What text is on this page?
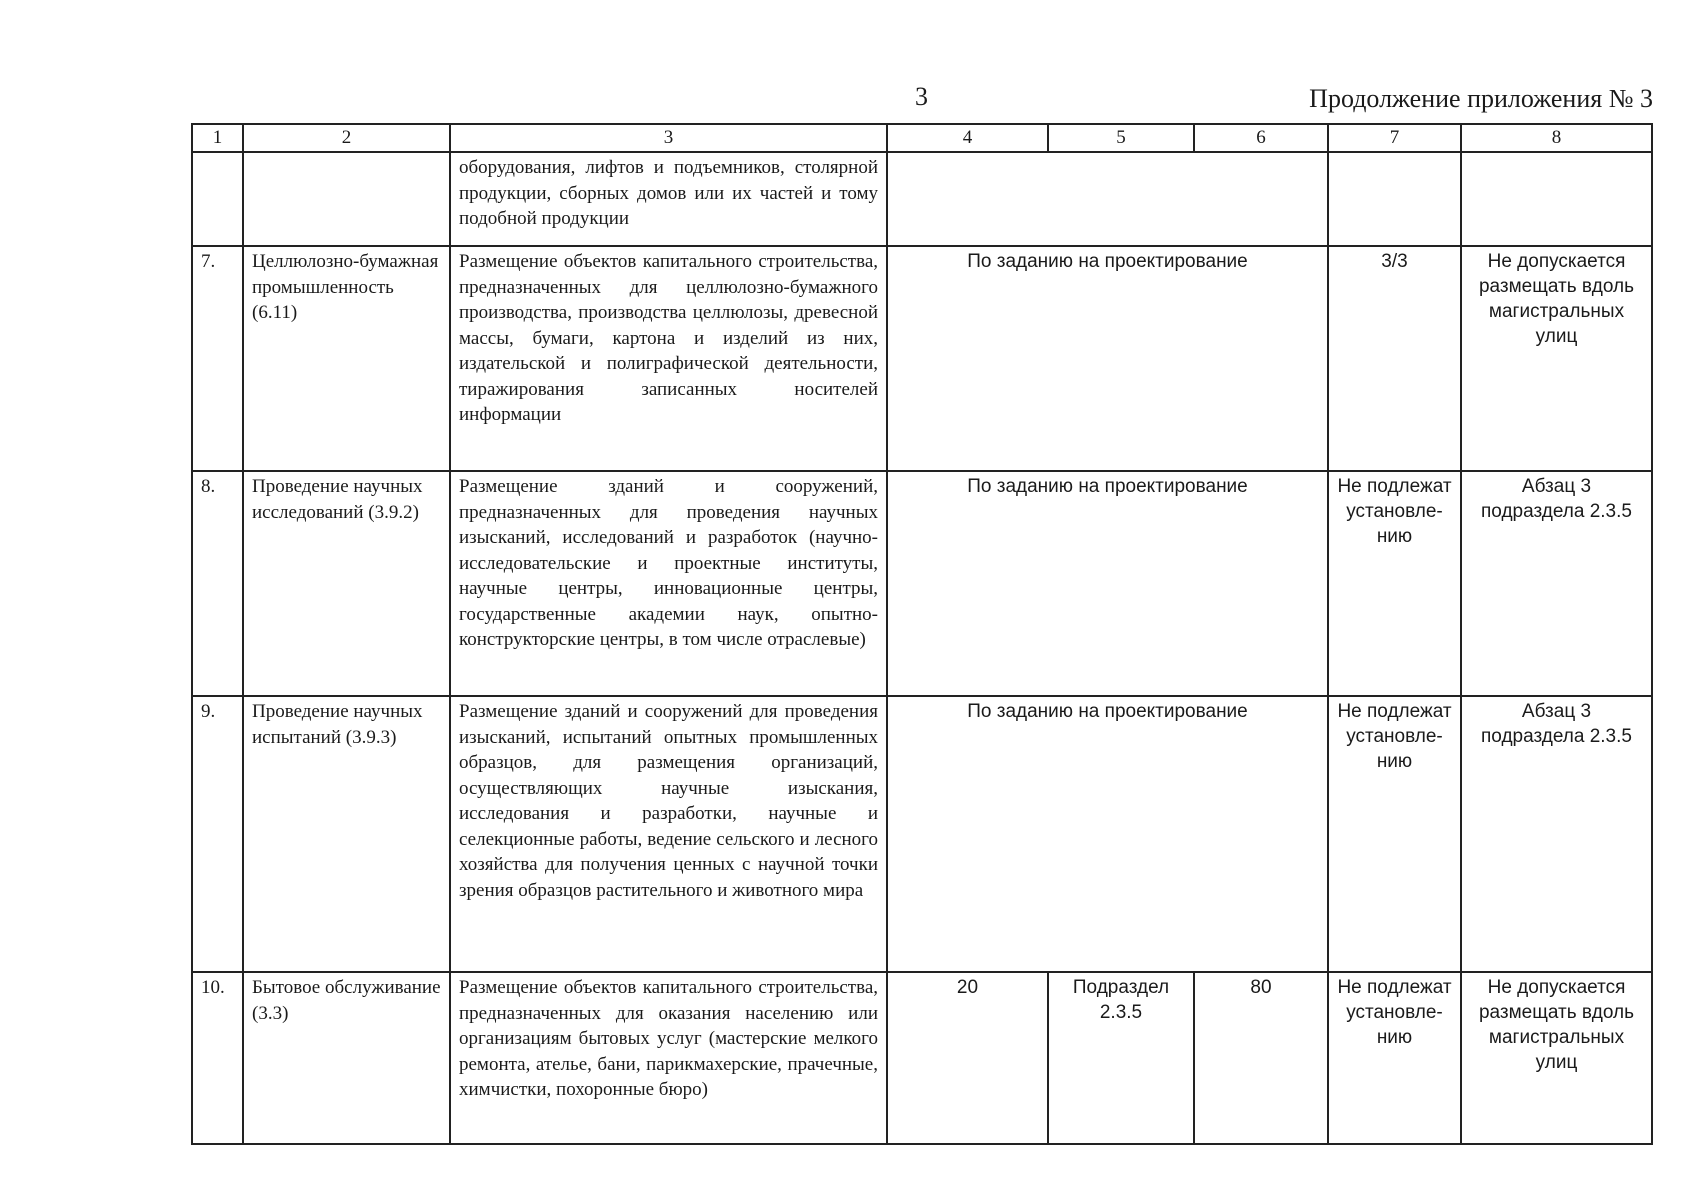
3	Продолжение приложения № 3
1	2	3	4	5	6	7	8
		оборудования, лифтов и подъемников, столярной продукции, сборных домов или их частей и тому подобной продукции					
7.	Целлюлозно-бумажная промышленность (6.11)	Размещение объектов капитального строительства, предназначенных для целлюлозно-бумажного производства, производства целлюлозы, древесной массы, бумаги, картона и изделий из них, издательской и полиграфической деятельности, тиражирования записанных носителей информации	По заданию на проектирование			3/3	Не допускается размещать вдоль магистральных улиц
8.	Проведение научных исследований (3.9.2)	Размещение зданий и сооружений, предназначенных для проведения научных изысканий, исследований и разработок (научно-исследовательские и проектные институты, научные центры, инновационные центры, государственные академии наук, опытно-конструкторские центры, в том числе отраслевые)	По заданию на проектирование			Не подлежат установле-нию	Абзац 3 подраздела 2.3.5
9.	Проведение научных испытаний (3.9.3)	Размещение зданий и сооружений для проведения изысканий, испытаний опытных промышленных образцов, для размещения организаций, осуществляющих научные изыскания, исследования и разработки, научные и селекционные работы, ведение сельского и лесного хозяйства для получения ценных с научной точки зрения образцов растительного и животного мира	По заданию на проектирование			Не подлежат установле-нию	Абзац 3 подраздела 2.3.5
10.	Бытовое обслуживание (3.3)	Размещение объектов капитального строительства, предназначенных для оказания населению или организациям бытовых услуг (мастерские мелкого ремонта, ателье, бани, парикмахерские, прачечные, химчистки, похоронные бюро)	20	Подраздел 2.3.5	80	Не подлежат установле-нию	Не допускается размещать вдоль магистральных улиц
